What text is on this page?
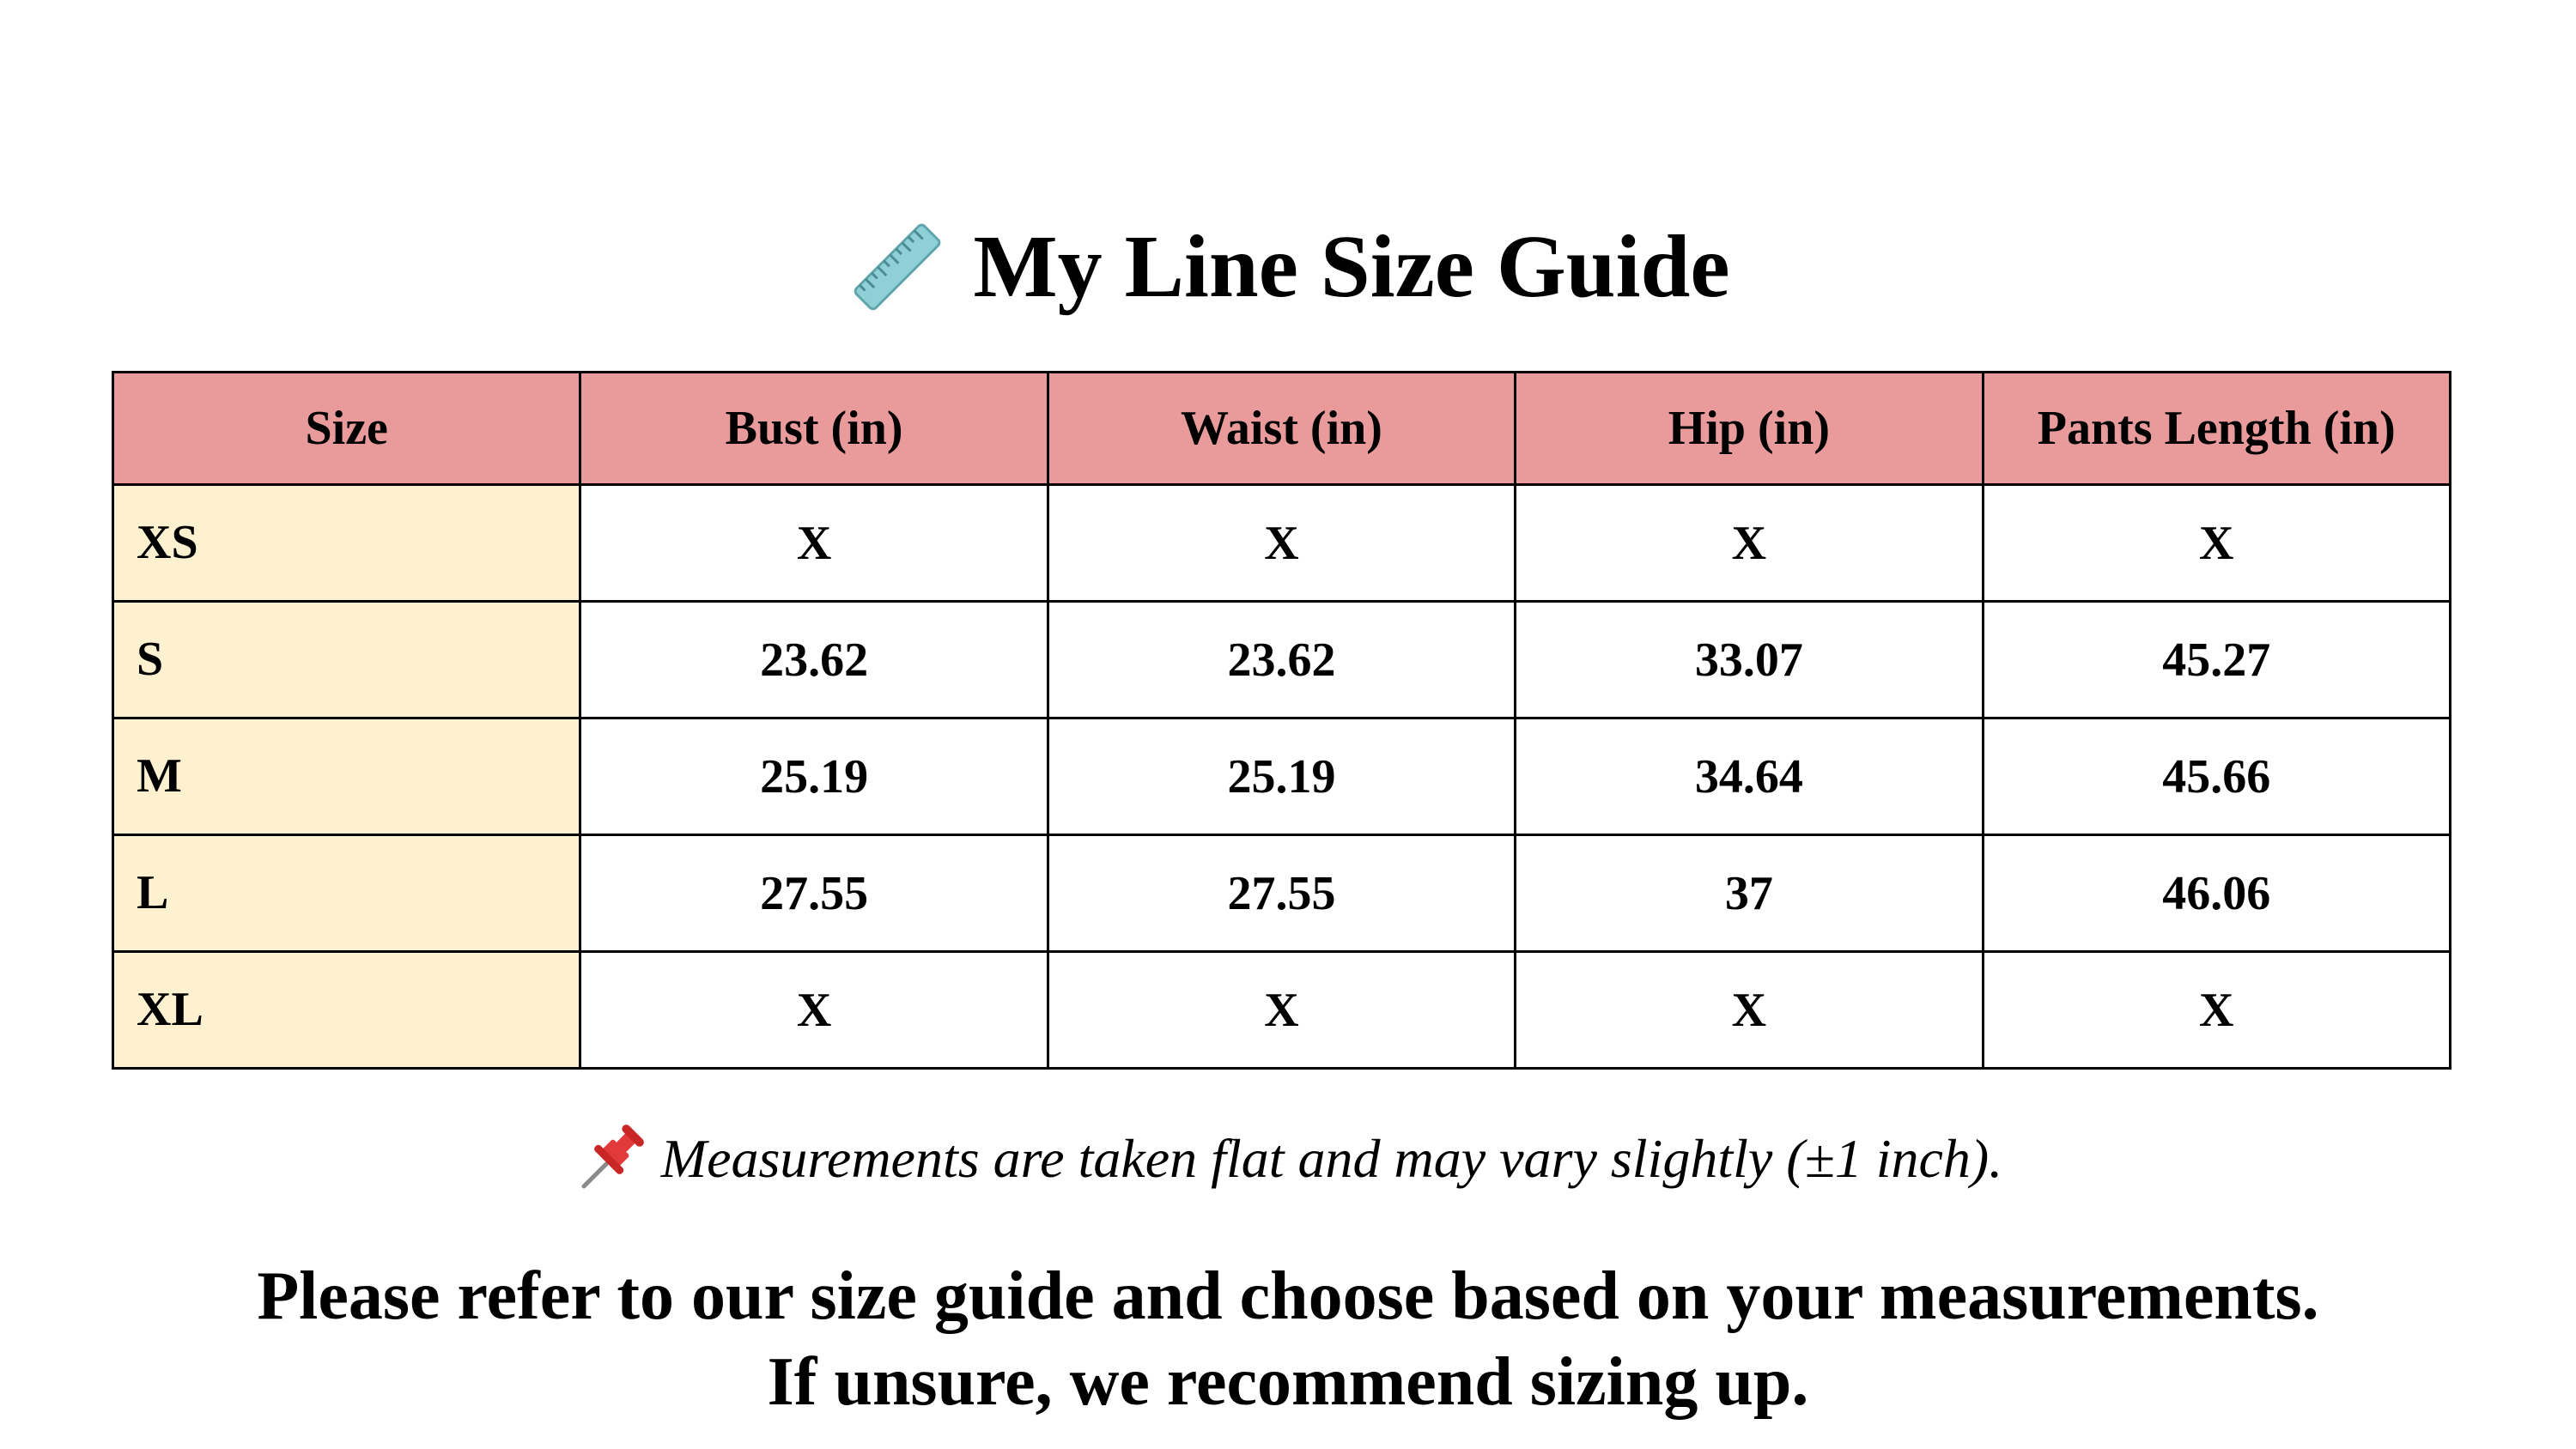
My Line Size Guide
Size	Bust (in)	Waist (in)	Hip (in)	Pants Length (in)
XS	X	X	X	X
S	23.62	23.62	33.07	45.27
M	25.19	25.19	34.64	45.66
L	27.55	27.55	37	46.06
XL	X	X	X	X
Measurements are taken flat and may vary slightly (±1 inch).
Please refer to our size guide and choose based on your measurements.
If unsure, we recommend sizing up.
